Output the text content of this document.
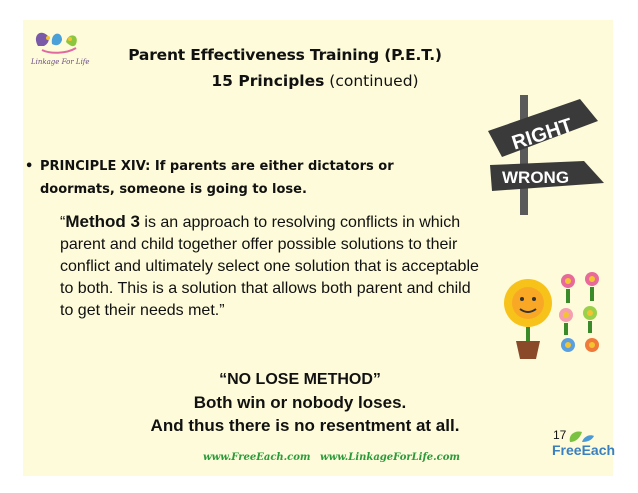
Linkage For Life	Parent Effectiveness Training (P.E.T.)
15 Principles (continued)
RIGHT
WRONG
• PRINCIPLE XIV: If parents are either dictators or doormats, someone is going to lose.
“Method 3 is an approach to resolving conflicts in which parent and child together offer possible solutions to their conflict and ultimately select one solution that is acceptable to both. This is a solution that allows both parent and child to get their needs met.”
“NO LOSE METHOD”
Both win or nobody loses.
And thus there is no resentment at all.	17
www.FreeEach.com www.LinkageForLife.com	FreeEach
